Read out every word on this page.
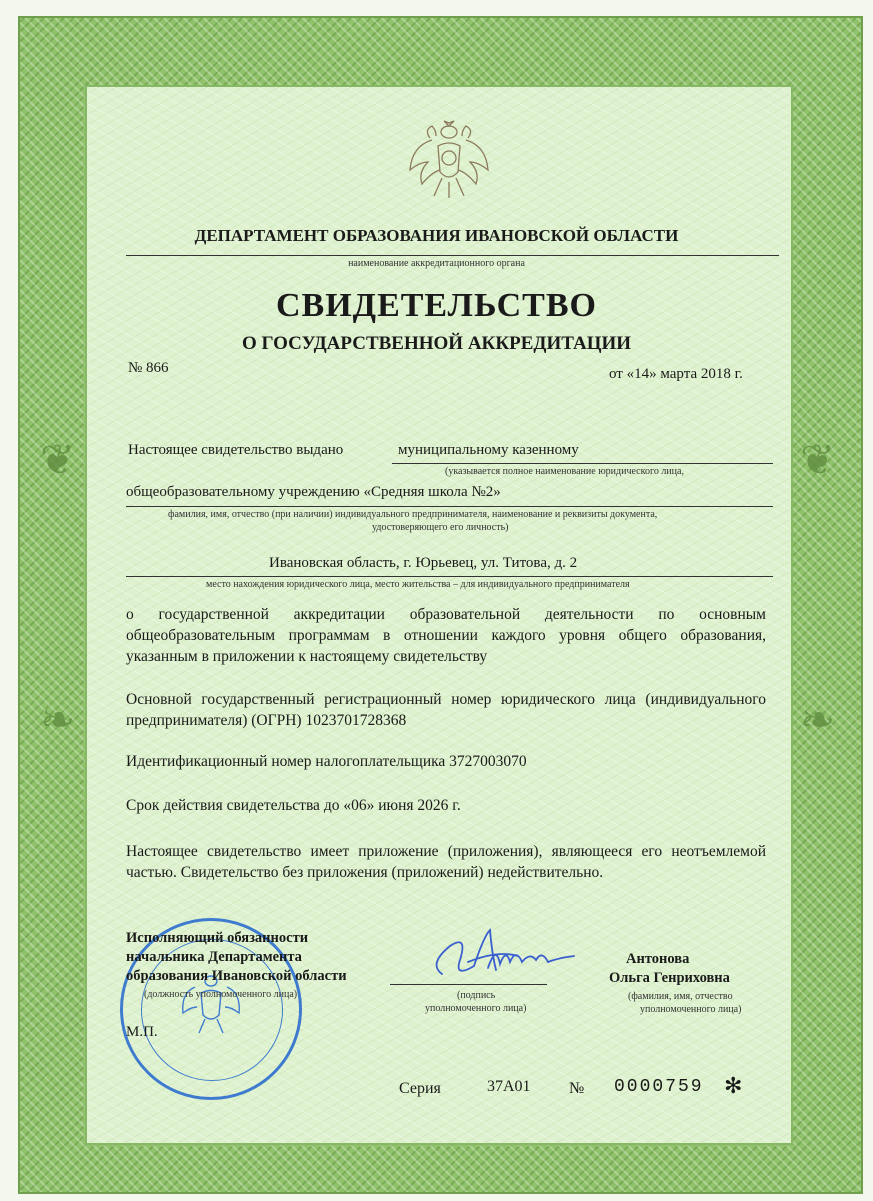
❦
❧
❦
❧
ДЕПАРТАМЕНТ ОБРАЗОВАНИЯ ИВАНОВСКОЙ ОБЛАСТИ
наименование аккредитационного органа
СВИДЕТЕЛЬСТВО
О ГОСУДАРСТВЕННОЙ АККРЕДИТАЦИИ
№ 866	от «14» марта 2018 г.
Настоящее свидетельство выдано	муниципальному казенному
(указывается полное наименование юридического лица,
общеобразовательному учреждению «Средняя школа №2»
фамилия, имя, отчество (при наличии) индивидуального предпринимателя, наименование и реквизиты документа,
удостоверяющего его личность)
Ивановская область, г. Юрьевец, ул. Титова, д. 2
место нахождения юридического лица, место жительства – для индивидуального предпринимателя
о государственной аккредитации образовательной деятельности по основным общеобразовательным программам в отношении каждого уровня общего образования, указанным в приложении к настоящему свидетельству
Основной государственный регистрационный номер юридического лица (индивидуального предпринимателя) (ОГРН) 1023701728368
Идентификационный номер налогоплательщика 3727003070
Срок действия свидетельства до «06» июня 2026 г.
Настоящее свидетельство имеет приложение (приложения), являющееся его неотъемлемой частью. Свидетельство без приложения (приложений) недействительно.
Исполняющий обязанности
начальника Департамента
образования Ивановской области
(должность уполномоченного лица)
М.П.
(подпись
уполномоченного лица)
Антонова
Ольга Генриховна
(фамилия, имя, отчество
уполномоченного лица)
Серия	37А01 № 0000759 ✻
